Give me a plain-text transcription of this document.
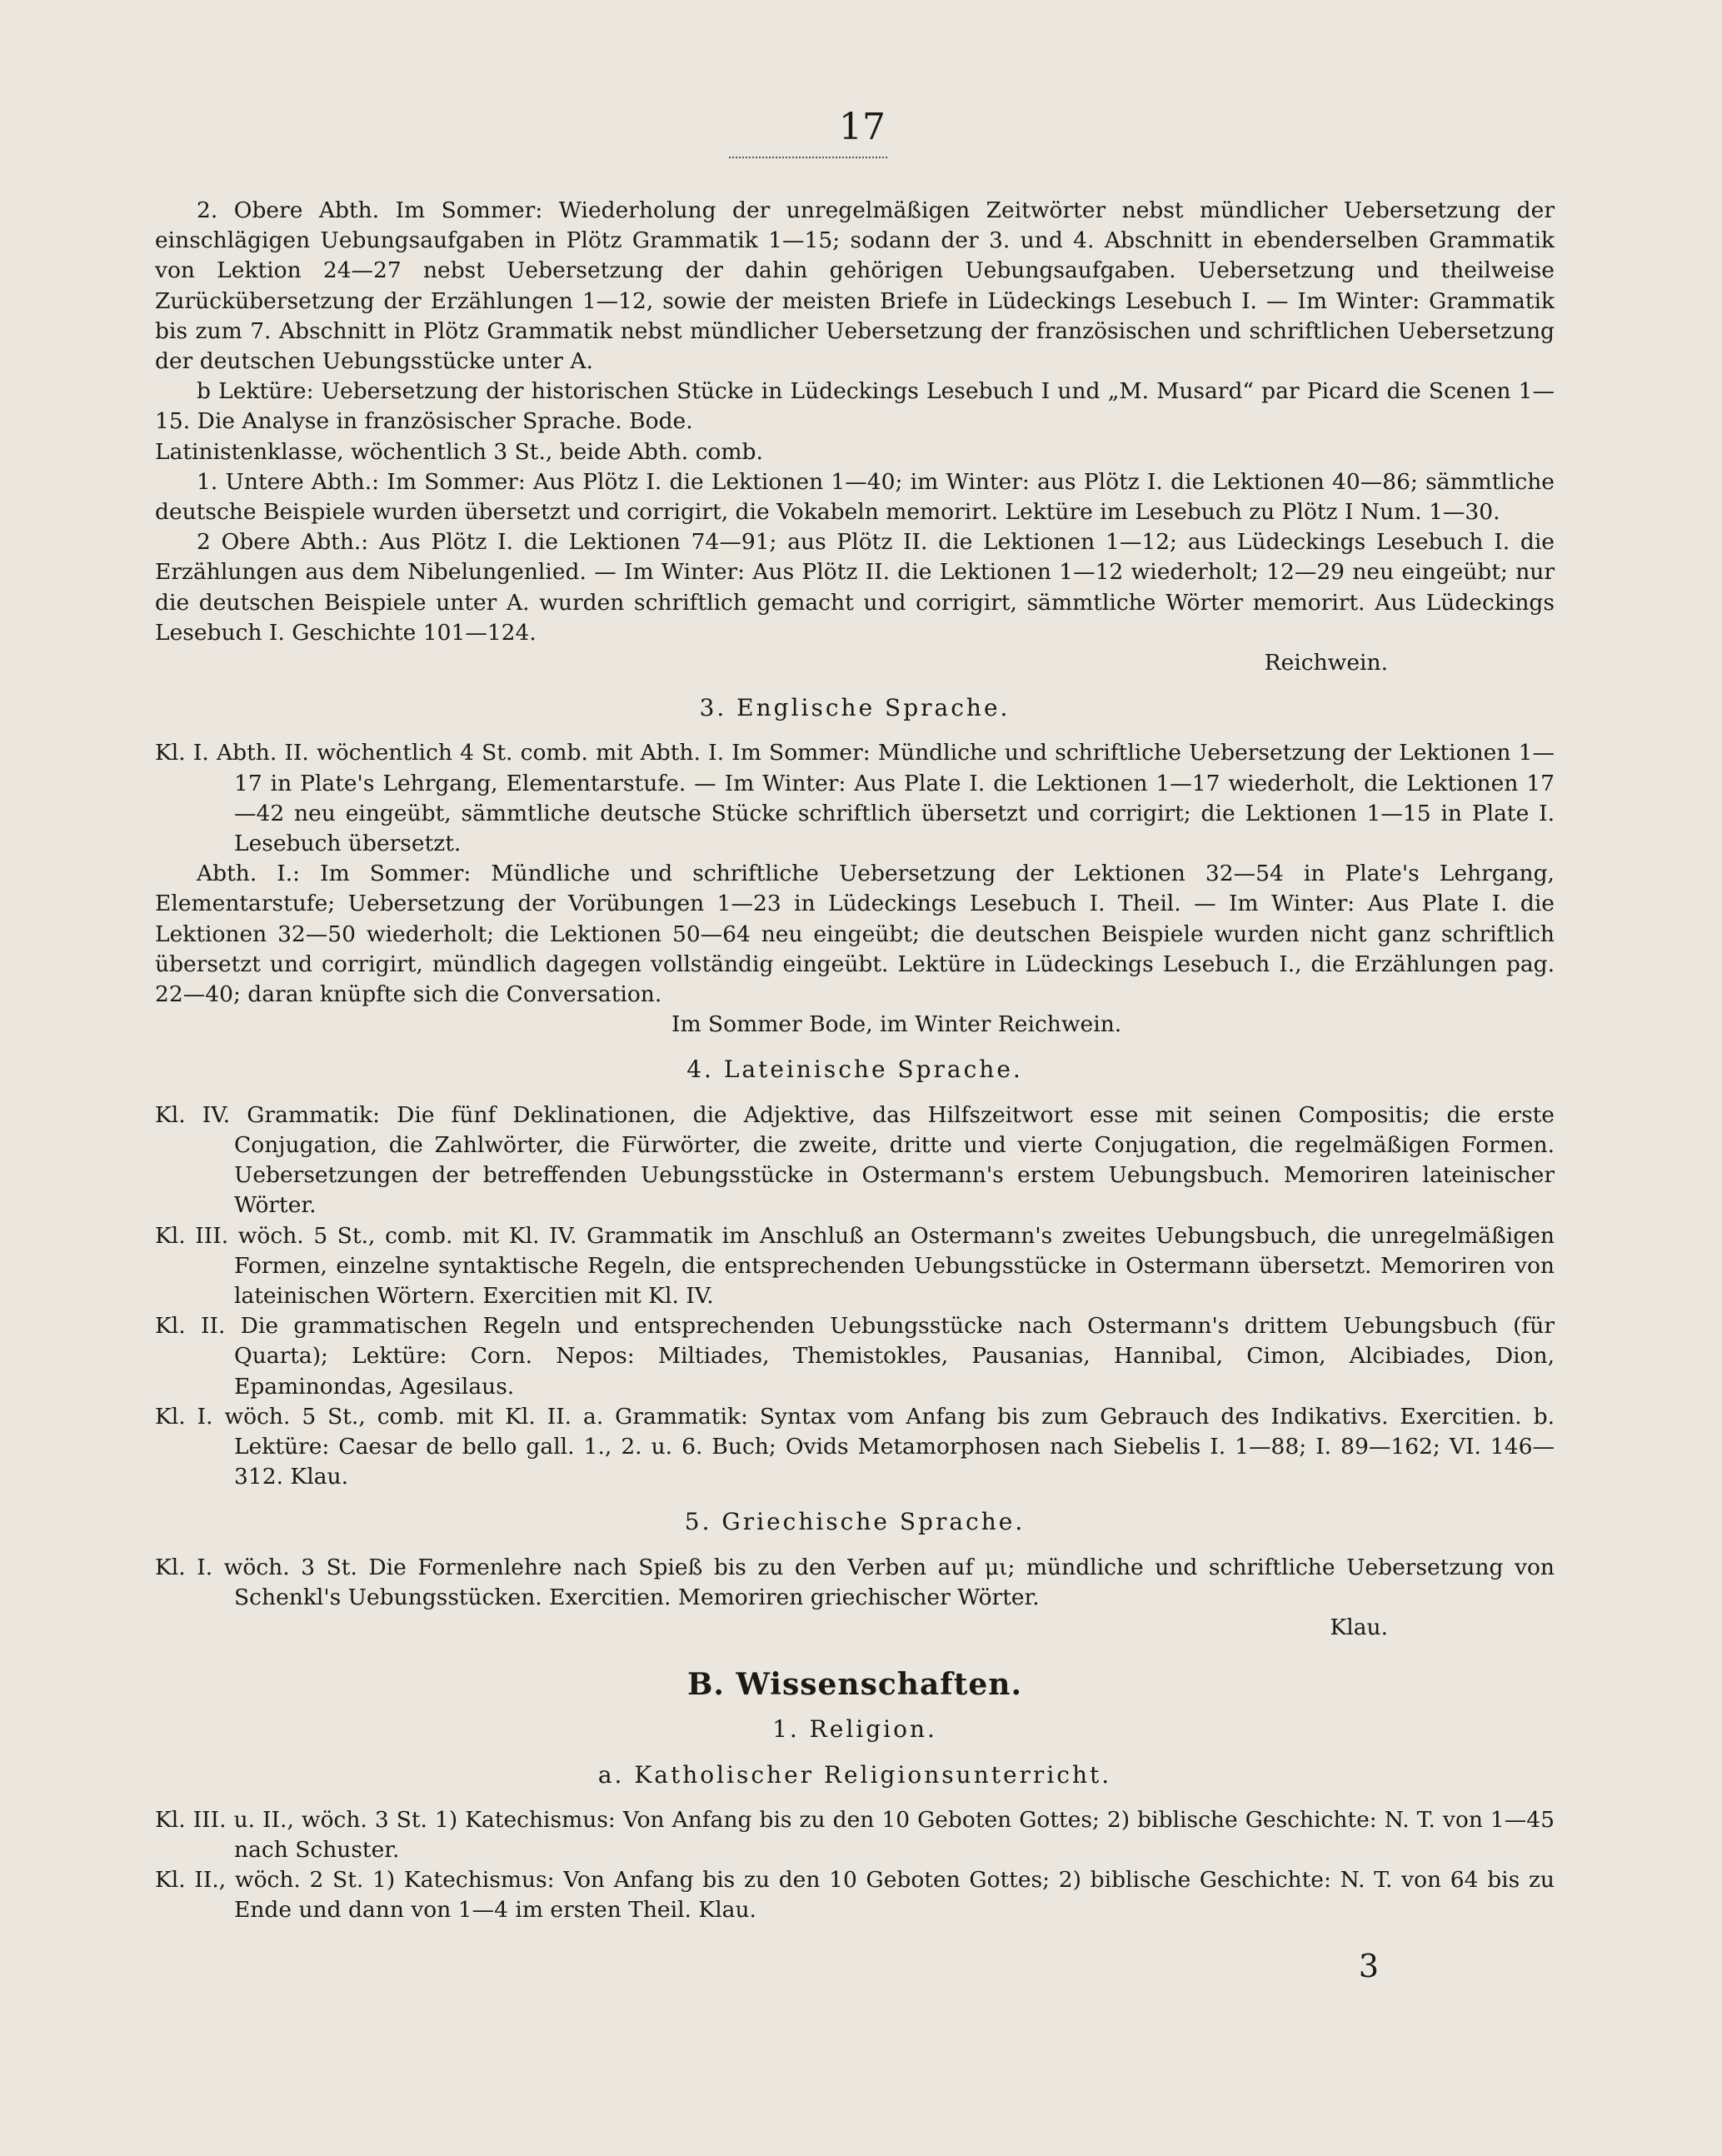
17

2. Obere Abth. Im Sommer: Wiederholung der unregelmäßigen Zeitwörter nebst mündlicher Uebersetzung der einschlägigen Uebungsaufgaben in Plötz Grammatik 1—15; sodann der 3. und 4. Abschnitt in ebenderselben Grammatik von Lektion 24—27 nebst Uebersetzung der dahin gehörigen Uebungsaufgaben. Uebersetzung und theilweise Zurückübersetzung der Erzählungen 1—12, sowie der meisten Briefe in Lüdeckings Lesebuch I. — Im Winter: Grammatik bis zum 7. Abschnitt in Plötz Grammatik nebst mündlicher Uebersetzung der französischen und schriftlichen Uebersetzung der deutschen Uebungsstücke unter A.

b Lektüre: Uebersetzung der historischen Stücke in Lüdeckings Lesebuch I und „M. Musard“ par Picard die Scenen 1—15. Die Analyse in französischer Sprache. Bode.

Latinistenklasse, wöchentlich 3 St., beide Abth. comb.

1. Untere Abth.: Im Sommer: Aus Plötz I. die Lektionen 1—40; im Winter: aus Plötz I. die Lektionen 40—86; sämmtliche deutsche Beispiele wurden übersetzt und corrigirt, die Vokabeln memorirt. Lektüre im Lesebuch zu Plötz I Num. 1—30.

2 Obere Abth.: Aus Plötz I. die Lektionen 74—91; aus Plötz II. die Lektionen 1—12; aus Lüdeckings Lesebuch I. die Erzählungen aus dem Nibelungenlied. — Im Winter: Aus Plötz II. die Lektionen 1—12 wiederholt; 12—29 neu eingeübt; nur die deutschen Beispiele unter A. wurden schriftlich gemacht und corrigirt, sämmtliche Wörter memorirt. Aus Lüdeckings Lesebuch I. Geschichte 101—124.

Reichwein.

3. Englische Sprache.

Kl. I. Abth. II. wöchentlich 4 St. comb. mit Abth. I. Im Sommer: Mündliche und schriftliche Uebersetzung der Lektionen 1—17 in Plate's Lehrgang, Elementarstufe. — Im Winter: Aus Plate I. die Lektionen 1—17 wiederholt, die Lektionen 17—42 neu eingeübt, sämmtliche deutsche Stücke schriftlich übersetzt und corrigirt; die Lektionen 1—15 in Plate I. Lesebuch übersetzt.

Abth. I.: Im Sommer: Mündliche und schriftliche Uebersetzung der Lektionen 32—54 in Plate's Lehrgang, Elementarstufe; Uebersetzung der Vorübungen 1—23 in Lüdeckings Lesebuch I. Theil. — Im Winter: Aus Plate I. die Lektionen 32—50 wiederholt; die Lektionen 50—64 neu eingeübt; die deutschen Beispiele wurden nicht ganz schriftlich übersetzt und corrigirt, mündlich dagegen vollständig eingeübt. Lektüre in Lüdeckings Lesebuch I., die Erzählungen pag. 22—40; daran knüpfte sich die Conversation.

Im Sommer Bode, im Winter Reichwein.

4. Lateinische Sprache.

Kl. IV. Grammatik: Die fünf Deklinationen, die Adjektive, das Hilfszeitwort esse mit seinen Compositis; die erste Conjugation, die Zahlwörter, die Fürwörter, die zweite, dritte und vierte Conjugation, die regelmäßigen Formen. Uebersetzungen der betreffenden Uebungsstücke in Ostermann's erstem Uebungsbuch. Memoriren lateinischer Wörter.

Kl. III. wöch. 5 St., comb. mit Kl. IV. Grammatik im Anschluß an Ostermann's zweites Uebungsbuch, die unregelmäßigen Formen, einzelne syntaktische Regeln, die entsprechenden Uebungsstücke in Ostermann übersetzt. Memoriren von lateinischen Wörtern. Exercitien mit Kl. IV.

Kl. II. Die grammatischen Regeln und entsprechenden Uebungsstücke nach Ostermann's drittem Uebungsbuch (für Quarta); Lektüre: Corn. Nepos: Miltiades, Themistokles, Pausanias, Hannibal, Cimon, Alcibiades, Dion, Epaminondas, Agesilaus.

Kl. I. wöch. 5 St., comb. mit Kl. II. a. Grammatik: Syntax vom Anfang bis zum Gebrauch des Indikativs. Exercitien. b. Lektüre: Caesar de bello gall. 1., 2. u. 6. Buch; Ovids Metamorphosen nach Siebelis I. 1—88; I. 89—162; VI. 146—312. Klau.

5. Griechische Sprache.

Kl. I. wöch. 3 St. Die Formenlehre nach Spieß bis zu den Verben auf μι; mündliche und schriftliche Uebersetzung von Schenkl's Uebungsstücken. Exercitien. Memoriren griechischer Wörter.

Klau.

B. Wissenschaften.

1. Religion.

a. Katholischer Religionsunterricht.

Kl. III. u. II., wöch. 3 St. 1) Katechismus: Von Anfang bis zu den 10 Geboten Gottes; 2) biblische Geschichte: N. T. von 1—45 nach Schuster.

Kl. II., wöch. 2 St. 1) Katechismus: Von Anfang bis zu den 10 Geboten Gottes; 2) biblische Geschichte: N. T. von 64 bis zu Ende und dann von 1—4 im ersten Theil. Klau.

3
